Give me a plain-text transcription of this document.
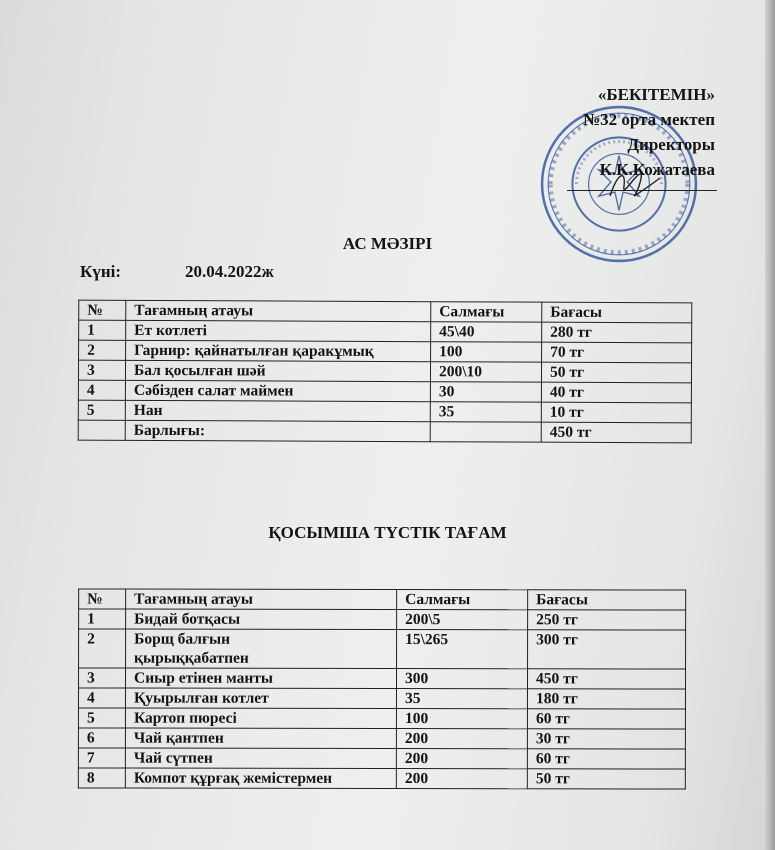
«БЕКІТЕМІН»
№32 орта мектеп
Директоры
К.К.Кожатаева
АС МӘЗІРІ
Күні:	20.04.2022ж
№	Тағамның атауы	Салмағы	Бағасы
1	Ет котлеті	45\40	280 тг
2	Гарнир: қайнатылған қаракұмық	100	70 тг
3	Бал қосылған шәй	200\10	50 тг
4	Сәбізден салат маймен	30	40 тг
5	Нан	35	10 тг
	Барлығы:		450 тг
ҚОСЫМША ТҮСТІК ТАҒАМ
№	Тағамның атауы	Салмағы	Бағасы
1	Бидай ботқасы	200\5	250 тг
2	Борщ балғын қырыққабатпен	15\265	300 тг
3	Сиыр етінен манты	300	450 тг
4	Қуырылған котлет	35	180 тг
5	Картоп пюресі	100	60 тг
6	Чай қантпен	200	30 тг
7	Чай сүтпен	200	60 тг
8	Компот құрғақ жемістермен	200	50 тг
